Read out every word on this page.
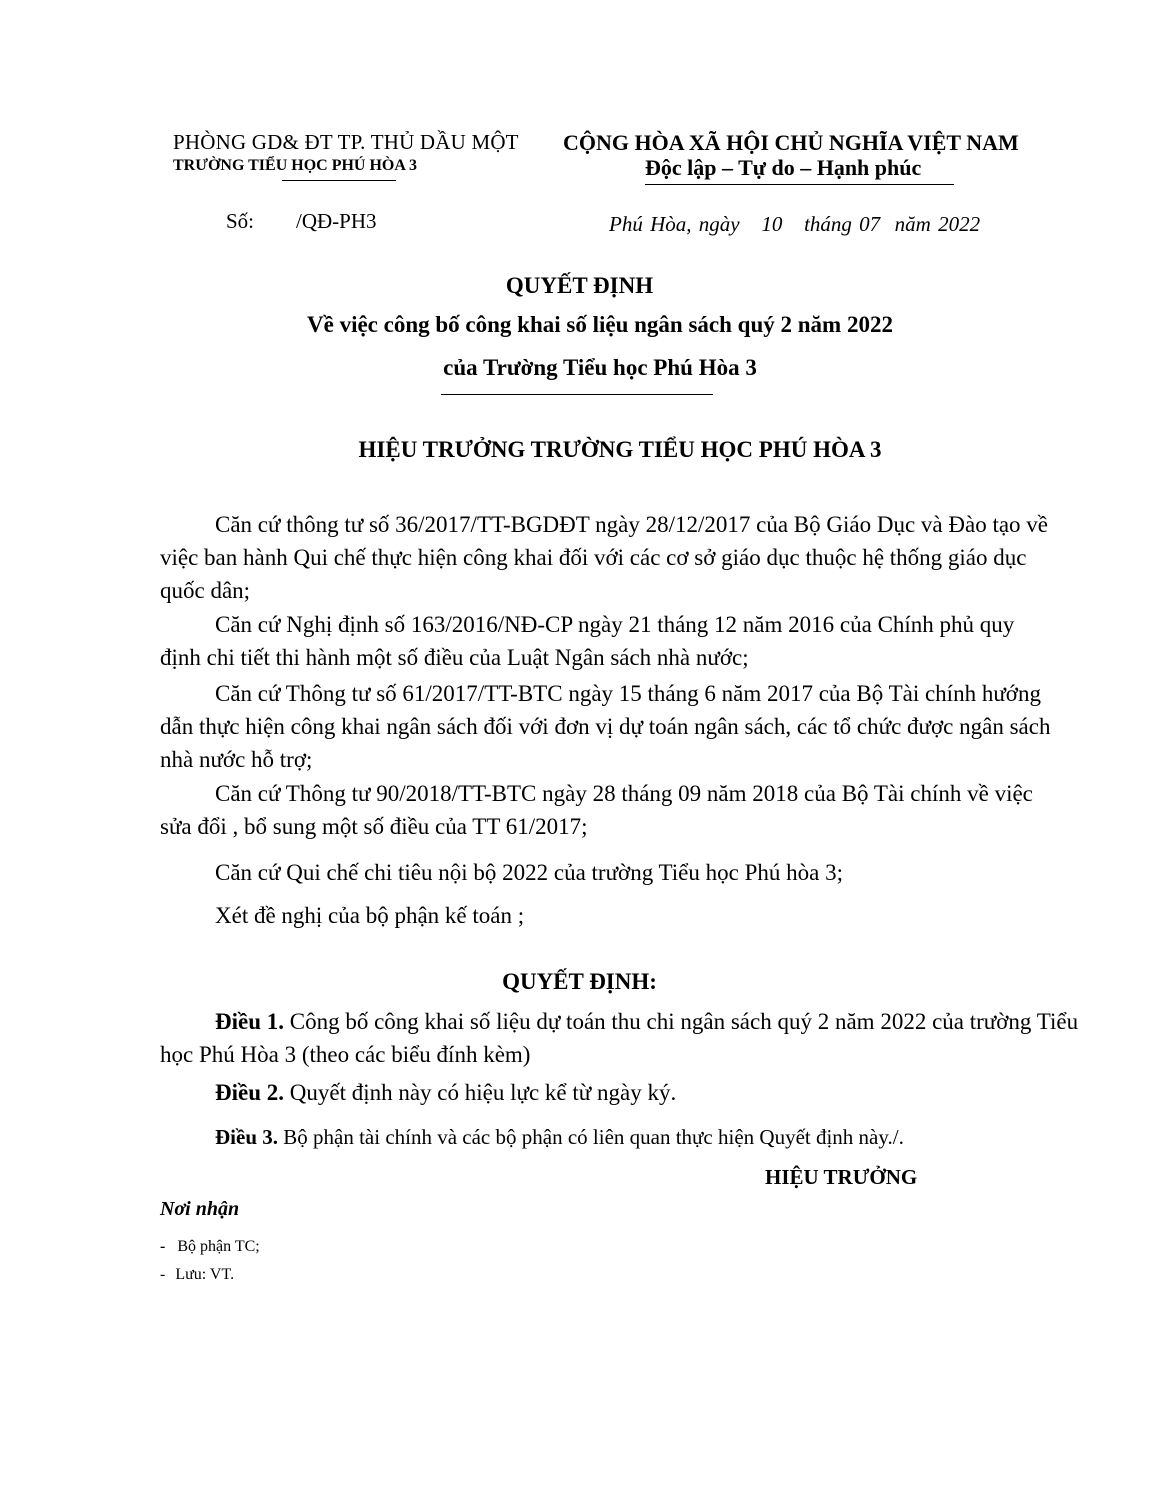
PHÒNG GD& ĐT TP. THỦ DẦU MỘT
TRƯỜNG TIỂU HỌC PHÚ HÒA 3
CỘNG HÒA XÃ HỘI CHỦ NGHĨA VIỆT NAM
Độc lập – Tự do – Hạnh phúc
Số: /QĐ-PH3	Phú Hòa, ngày   10   tháng 07  năm 2022
QUYẾT ĐỊNH
Về việc công bố công khai số liệu ngân sách quý 2 năm 2022
của Trường Tiểu học Phú Hòa 3
HIỆU TRƯỞNG TRƯỜNG TIỂU HỌC PHÚ HÒA 3
Căn cứ thông tư số 36/2017/TT-BGDĐT ngày 28/12/2017 của Bộ Giáo Dục và Đào tạo về việc ban hành Qui chế thực hiện công khai đối với các cơ sở giáo dục thuộc hệ thống giáo dục quốc dân;
Căn cứ Nghị định số 163/2016/NĐ-CP ngày 21 tháng 12 năm 2016 của Chính phủ quy định chi tiết thi hành một số điều của Luật Ngân sách nhà nước;
Căn cứ Thông tư số 61/2017/TT-BTC ngày 15 tháng 6 năm 2017 của Bộ Tài chính hướng dẫn thực hiện công khai ngân sách đối với đơn vị dự toán ngân sách, các tổ chức được ngân sách nhà nước hỗ trợ;
Căn cứ Thông tư 90/2018/TT-BTC ngày 28 tháng 09 năm 2018 của Bộ Tài chính về việc sửa đổi , bổ sung một số điều của TT 61/2017;
Căn cứ Qui chế chi tiêu nội bộ 2022 của trường Tiểu học Phú hòa 3;
Xét đề nghị của bộ phận kế toán ;
QUYẾT ĐỊNH:
Điều 1. Công bố công khai số liệu dự toán thu chi ngân sách quý 2 năm 2022 của trường Tiểu học Phú Hòa 3 (theo các biểu đính kèm)
Điều 2. Quyết định này có hiệu lực kể từ ngày ký.
Điều 3. Bộ phận tài chính và các bộ phận có liên quan thực hiện Quyết định này./.
HIỆU TRƯỞNG
Nơi nhận
- Bộ phận TC;
- Lưu: VT.
